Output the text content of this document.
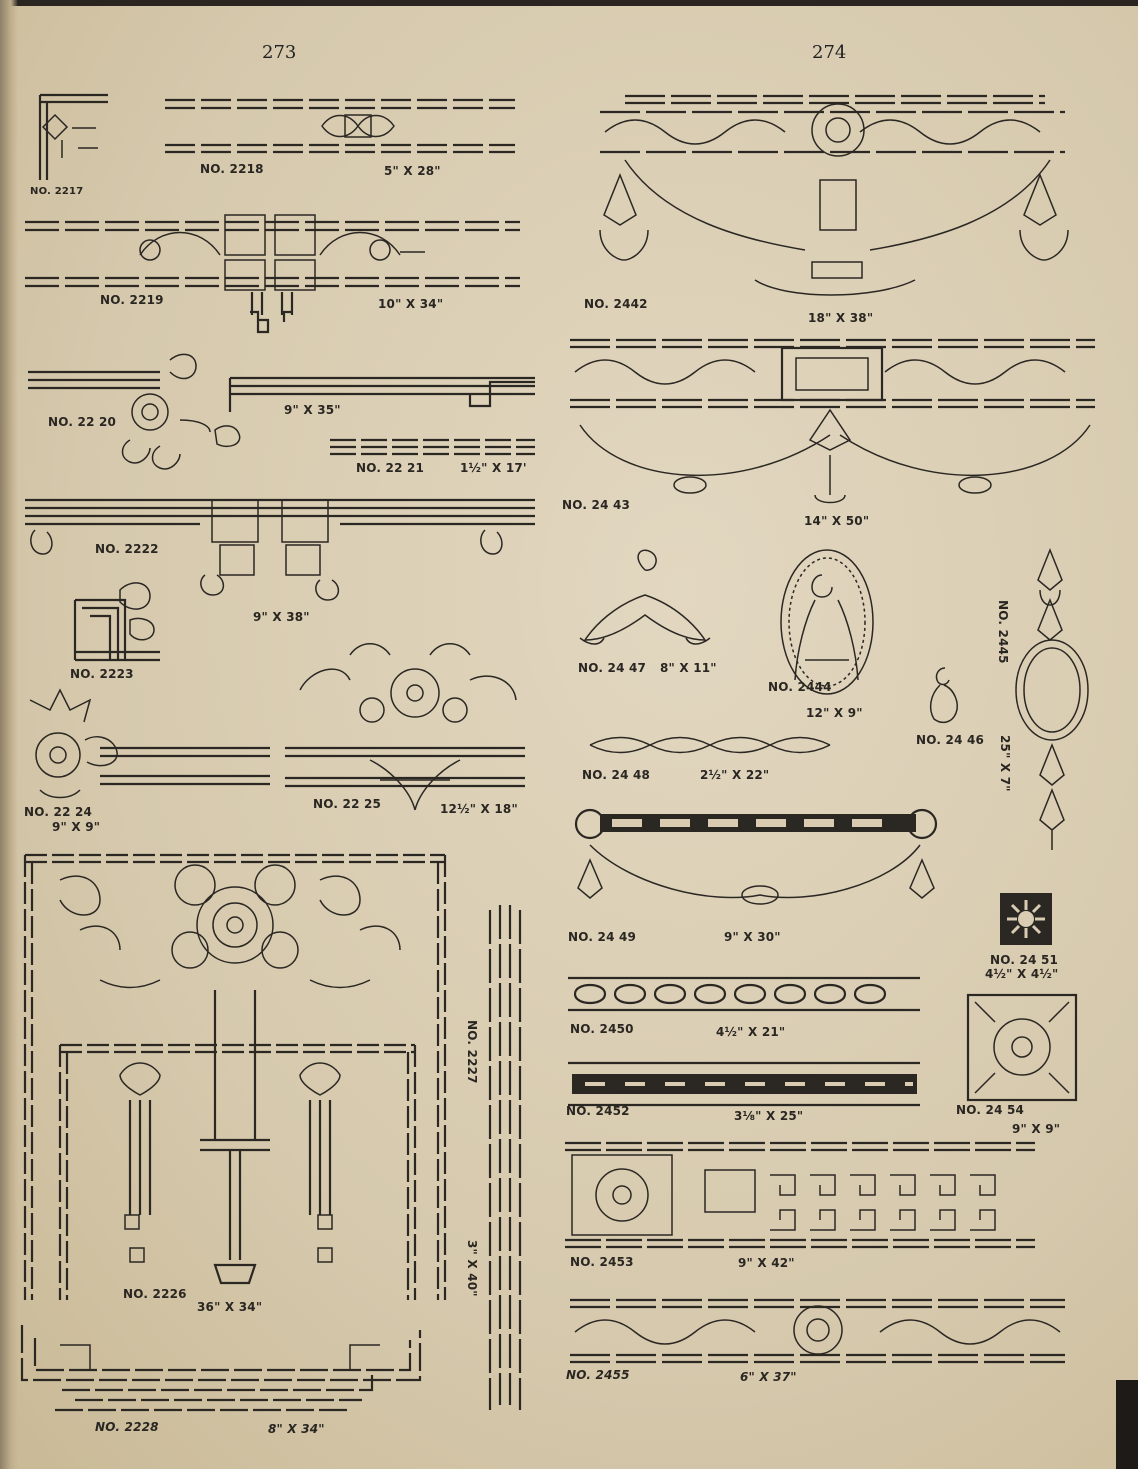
273	274
NO. 2217
NO. 2218	5" X 28"
NO. 2219	10" X 34"
NO. 22 20
9" X 35"
NO. 22 21	1½" X 17'
NO. 2222
9" X 38"
NO. 2223
NO. 22 24
9" X 9"
NO. 22 25	12½" X 18"
NO. 2226
36" X 34"
NO. 2227
3" X 40"
NO. 2228	8" X 34"
NO. 2442
18" X 38"
NO. 24 43
14" X 50"
NO. 24 47 8" X 11"
NO. 2444
12" X 9"
NO. 24 46
NO. 2445
25" X 7"
NO. 24 48	2½" X 22"
NO. 24 49	9" X 30"
NO. 24 51
4½" X 4½"
NO. 2450	4½" X 21"
NO. 2452	3⅛" X 25"	NO. 24 54
9" X 9"
NO. 2453	9" X 42"
NO. 2455	6" X 37"
